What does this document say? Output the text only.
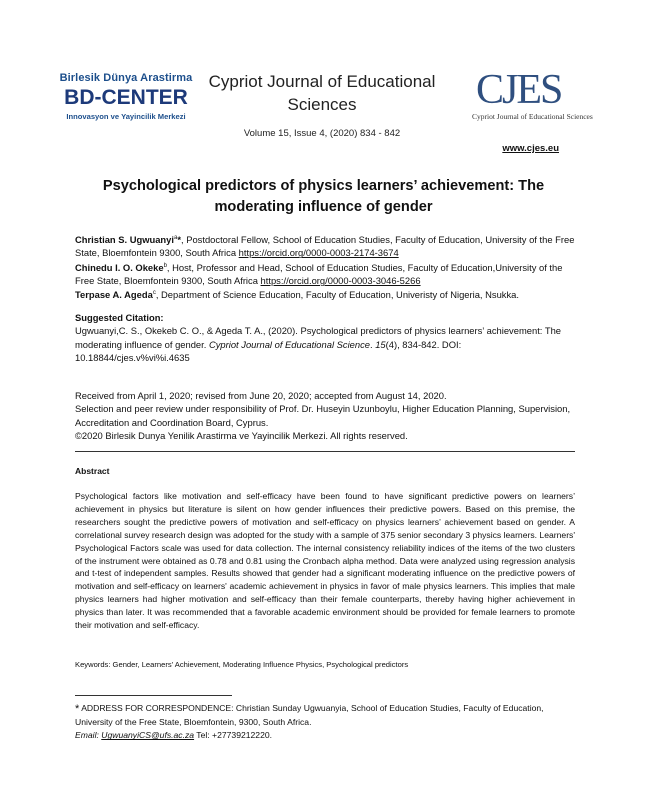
Birlesik Dünya Arastirma
BD-CENTER
Innovasyon ve Yayincilik Merkezi
Cypriot Journal of Educational Sciences
Volume 15, Issue 4, (2020) 834 - 842
CJES
Cypriot Journal of Educational Sciences
www.cjes.eu
Psychological predictors of physics learners’ achievement: The moderating influence of gender
Christian S. Ugwuanyi$^a$*, Postdoctoral Fellow, School of Education Studies, Faculty of Education, University of the Free State, Bloemfontein 9300, South Africa https://orcid.org/0000-0003-2174-3674
Chinedu I. O. Okeke$^b$, Host, Professor and Head, School of Education Studies, Faculty of Education,University of the Free State, Bloemfontein 9300, South Africa https://orcid.org/0000-0003-3046-5266
Terpase A. Ageda$^c$, Department of Science Education, Faculty of Education, Univeristy of Nigeria, Nsukka.
Suggested Citation:
Ugwuanyi,C. S., Okekeb C. O., & Ageda T. A., (2020). Psychological predictors of physics learners’ achievement: The moderating influence of gender. Cypriot Journal of Educational Science. 15(4), 834-842. DOI: 10.18844/cjes.v%vi%i.4635
Received from April 1, 2020; revised from June 20, 2020; accepted from August 14, 2020.
Selection and peer review under responsibility of Prof. Dr. Huseyin Uzunboylu, Higher Education Planning, Supervision, Accreditation and Coordination Board, Cyprus.
©2020 Birlesik Dunya Yenilik Arastirma ve Yayincilik Merkezi. All rights reserved.
Abstract
Psychological factors like motivation and self-efficacy have been found to have significant predictive powers on learners’ achievement in physics but literature is silent on how gender influences their predictive powers. Based on this premise, the researchers sought the predictive powers of motivation and self-efficacy on physics learners’ achievement based on gender. A correlational survey research design was adopted for the study with a sample of 375 senior secondary 3 physics learners. Learners' Psychological Factors scale was used for data collection. The internal consistency reliability indices of the items of the two clusters of the instrument were obtained as 0.78 and 0.81 using the Cronbach alpha method. Data were analyzed using regression analysis and t-test of independent samples. Results showed that gender had a significant moderating influence on the predictive powers of motivation and self-efficacy on learners' academic achievement in physics in favor of male physics learners. This implies that male physics learners had higher motivation and self-efficacy than their female counterparts, thereby having higher achievement in physics than later. It was recommended that a favorable academic environment should be provided for female learners to promote their motivation and self-efficacy.
Keywords: Gender, Learners’ Achievement, Moderating Influence Physics, Psychological predictors
* ADDRESS FOR CORRESPONDENCE: Christian Sunday Ugwuanyia, School of Education Studies, Faculty of Education, University of the Free State, Bloemfontein, 9300, South Africa.
Email: UgwuanyiCS@ufs.ac.za Tel: +27739212220.
